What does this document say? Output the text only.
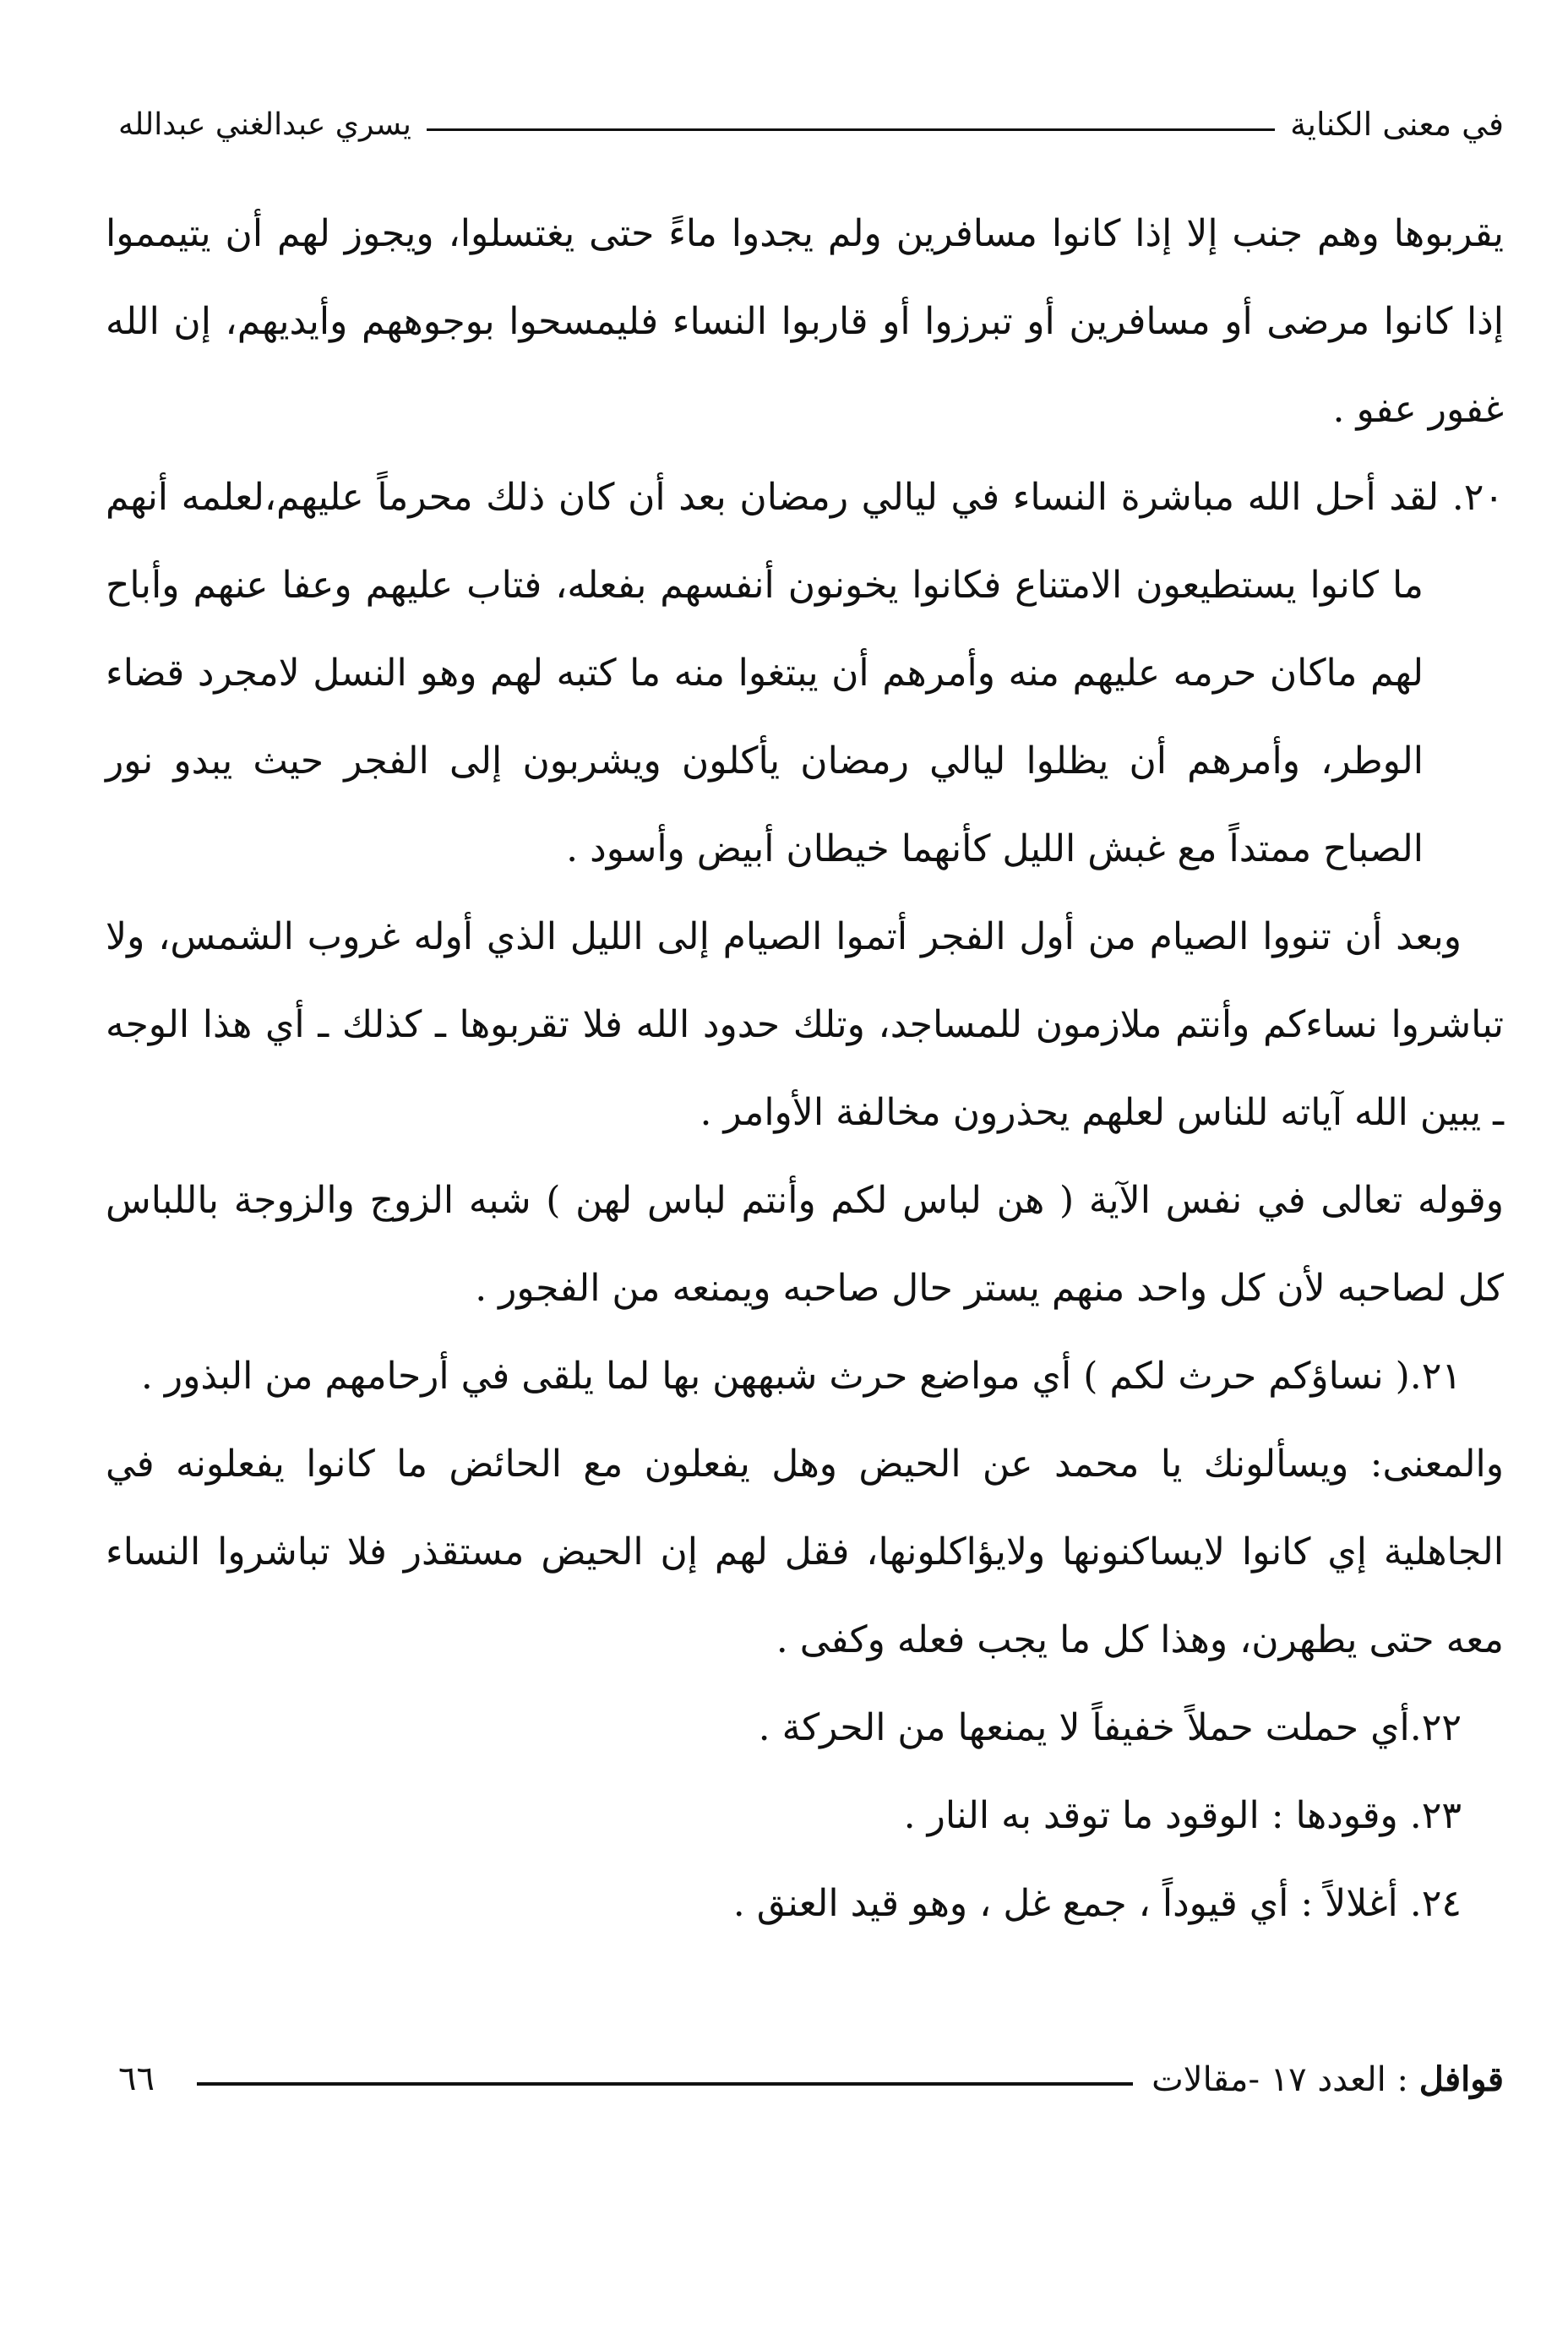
في معنى الكناية
يسري عبدالغني عبدالله

يقربوها وهم جنب إلا إذا كانوا مسافرين ولم يجدوا ماءً حتى يغتسلوا، ويجوز لهم أن يتيمموا إذا كانوا مرضى أو مسافرين أو تبرزوا أو قاربوا النساء فليمسحوا بوجوههم وأيديهم، إن الله غفور عفو .

٢٠. لقد أحل الله مباشرة النساء في ليالي رمضان بعد أن كان ذلك محرماً عليهم،لعلمه أنهم ما كانوا يستطيعون الامتناع فكانوا يخونون أنفسهم بفعله، فتاب عليهم وعفا عنهم وأباح لهم ماكان حرمه عليهم منه وأمرهم أن يبتغوا منه ما كتبه لهم وهو النسل لامجرد قضاء الوطر، وأمرهم أن يظلوا ليالي رمضان يأكلون ويشربون إلى الفجر حيث يبدو نور الصباح ممتداً مع غبش الليل كأنهما خيطان أبيض وأسود .

وبعد أن تنووا الصيام من أول الفجر أتموا الصيام إلى الليل الذي أوله غروب الشمس، ولا تباشروا نساءكم وأنتم ملازمون للمساجد، وتلك حدود الله فلا تقربوها ـ كذلك ـ أي هذا الوجه ـ يبين الله آياته للناس لعلهم يحذرون مخالفة الأوامر .

وقوله تعالى في نفس الآية ( هن لباس لكم وأنتم لباس لهن ) شبه الزوج والزوجة باللباس كل لصاحبه لأن كل واحد منهم يستر حال صاحبه ويمنعه من الفجور .

٢١.( نساؤكم حرث لكم ) أي مواضع حرث شبههن بها لما يلقى في أرحامهم من البذور .

والمعنى: ويسألونك يا محمد عن الحيض وهل يفعلون مع الحائض ما كانوا يفعلونه في الجاهلية إي كانوا لايساكنونها ولايؤاكلونها، فقل لهم إن الحيض مستقذر فلا تباشروا النساء معه حتى يطهرن، وهذا كل ما يجب فعله وكفى .

٢٢.أي حملت حملاً خفيفاً لا يمنعها من الحركة .

٢٣. وقودها : الوقود ما توقد به النار .

٢٤. أغلالاً : أي قيوداً ، جمع غل ، وهو قيد العنق .

قوافل : العدد ١٧ -مقالات
٦٦
